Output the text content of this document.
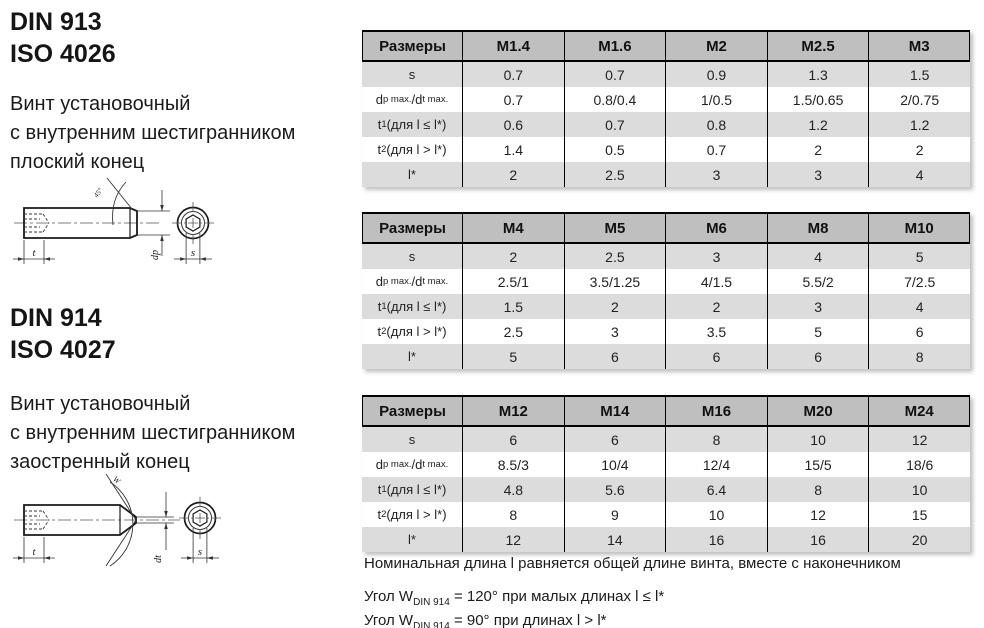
DIN 913
ISO 4026
Винт установочный
с внутренним шестигранником
плоский конец
45°
t	dp	s
DIN 914
ISO 4027
Винт установочный
с внутренним шестигранником
заостренный конец
W
t
dt
s
Размеры	M1.4	M1.6	M2	M2.5	M3
s	0.7	0.7	0.9	1.3	1.5
d p max. /d t max.	0.7	0.8/0.4	1/0.5	1.5/0.65	2/0.75
t 1 (для l ≤ l*)	0.6	0.7	0.8	1.2	1.2
t 2 (для l > l*)	1.4	0.5	0.7	2	2
l*	2	2.5	3	3	4
Размеры	M4	M5	M6	M8	M10
s	2	2.5	3	4	5
d p max. /d t max.	2.5/1	3.5/1.25	4/1.5	5.5/2	7/2.5
t 1 (для l ≤ l*)	1.5	2	2	3	4
t 2 (для l > l*)	2.5	3	3.5	5	6
l*	5	6	6	6	8
Размеры	M12	M14	M16	M20	M24
s	6	6	8	10	12
d p max. /d t max.	8.5/3	10/4	12/4	15/5	18/6
t 1 (для l ≤ l*)	4.8	5.6	6.4	8	10
t 2 (для l > l*)	8	9	10	12	15
l*	12	14	16	16	20
Номинальная длина l равняется общей длине винта, вместе с наконечником
Угол $W_{DIN 914} = 120^\circ$ при малых длинах l ≤ l*
Угол $W_{DIN 914} = 90^\circ$ при длинах l > l*
